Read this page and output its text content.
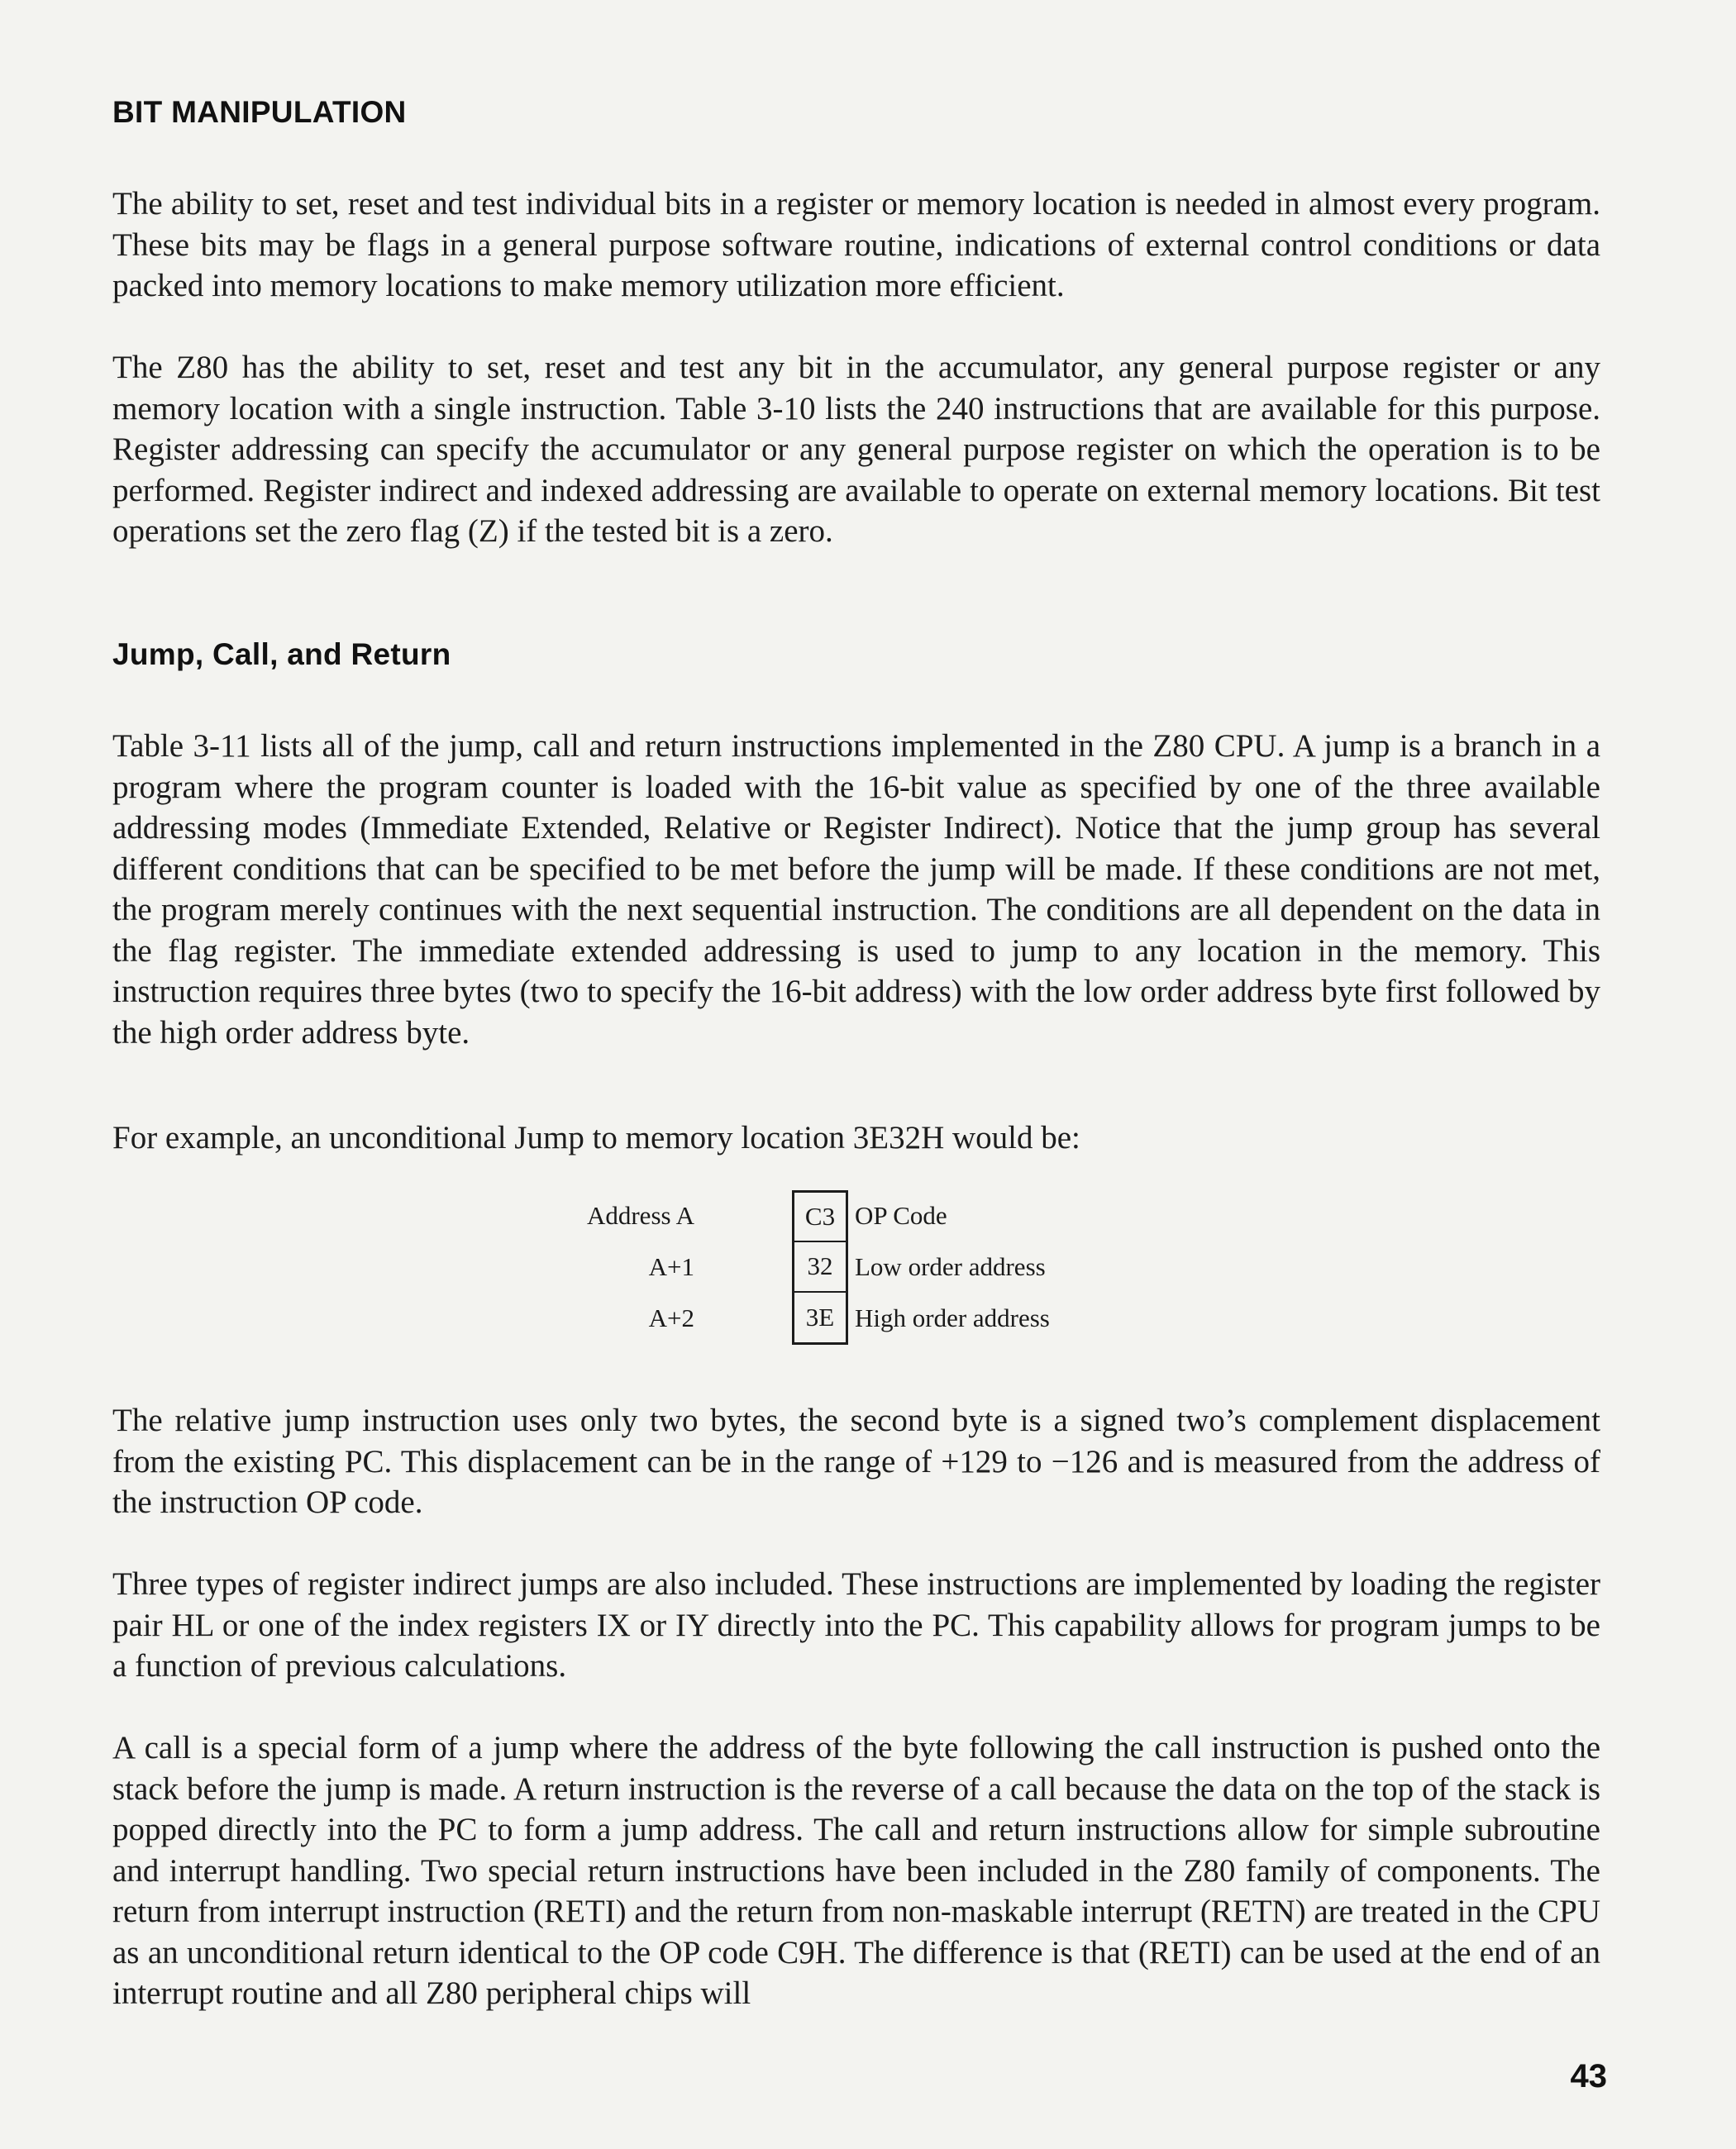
BIT MANIPULATION

The ability to set, reset and test individual bits in a register or memory location is needed in almost every program. These bits may be flags in a general purpose software routine, indications of external control conditions or data packed into memory locations to make memory utilization more efficient.

The Z80 has the ability to set, reset and test any bit in the accumulator, any general purpose register or any memory location with a single instruction. Table 3-10 lists the 240 instructions that are available for this purpose. Register addressing can specify the accumulator or any general purpose register on which the operation is to be performed. Register indirect and indexed addressing are available to operate on external memory locations. Bit test operations set the zero flag (Z) if the tested bit is a zero.

Jump, Call, and Return

Table 3-11 lists all of the jump, call and return instructions implemented in the Z80 CPU. A jump is a branch in a program where the program counter is loaded with the 16-bit value as specified by one of the three available addressing modes (Immediate Extended, Relative or Register Indirect). Notice that the jump group has several different conditions that can be specified to be met before the jump will be made. If these conditions are not met, the program merely continues with the next sequential instruction. The conditions are all dependent on the data in the flag register. The immediate extended addressing is used to jump to any location in the memory. This instruction requires three bytes (two to specify the 16-bit address) with the low order address byte first followed by the high order address byte.

For example, an unconditional Jump to memory location 3E32H would be:

Address A	C3 OP Code
A+1	32 Low order address
A+2	3E High order address

The relative jump instruction uses only two bytes, the second byte is a signed two’s complement displacement from the existing PC. This displacement can be in the range of +129 to −126 and is measured from the address of the instruction OP code.

Three types of register indirect jumps are also included. These instructions are implemented by loading the register pair HL or one of the index registers IX or IY directly into the PC. This capability allows for program jumps to be a function of previous calculations.

A call is a special form of a jump where the address of the byte following the call instruction is pushed onto the stack before the jump is made. A return instruction is the reverse of a call because the data on the top of the stack is popped directly into the PC to form a jump address. The call and return instructions allow for simple subroutine and interrupt handling. Two special return instructions have been included in the Z80 family of components. The return from interrupt instruction (RETI) and the return from non-maskable interrupt (RETN) are treated in the CPU as an unconditional return identical to the OP code C9H. The difference is that (RETI) can be used at the end of an interrupt routine and all Z80 peripheral chips will

43
